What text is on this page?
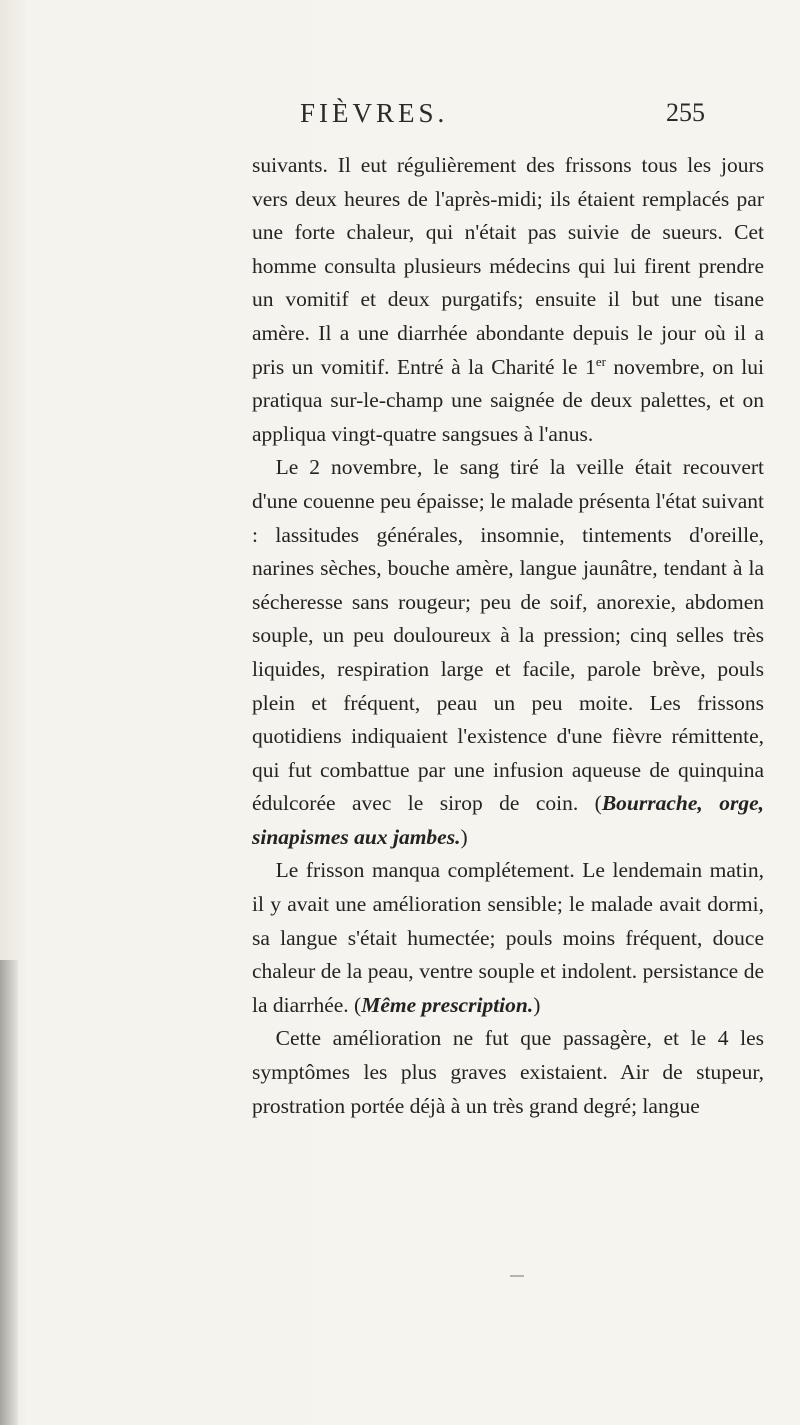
FIÈVRES.	255

suivants. Il eut régulièrement des frissons tous les jours vers deux heures de l'après-midi; ils étaient remplacés par une forte chaleur, qui n'était pas suivie de sueurs. Cet homme consulta plusieurs médecins qui lui firent prendre un vomitif et deux purgatifs; ensuite il but une tisane amère. Il a une diarrhée abondante depuis le jour où il a pris un vomitif. Entré à la Charité le 1er novembre, on lui pratiqua sur-le-champ une saignée de deux palettes, et on appliqua vingt-quatre sangsues à l'anus.

Le 2 novembre, le sang tiré la veille était recouvert d'une couenne peu épaisse; le malade présenta l'état suivant : lassitudes générales, insomnie, tintements d'oreille, narines sèches, bouche amère, langue jaunâtre, tendant à la sécheresse sans rougeur; peu de soif, anorexie, abdomen souple, un peu douloureux à la pression; cinq selles très liquides, respiration large et facile, parole brève, pouls plein et fréquent, peau un peu moite. Les frissons quotidiens indiquaient l'existence d'une fièvre rémittente, qui fut combattue par une infusion aqueuse de quinquina édulcorée avec le sirop de coin. (Bourrache, orge, sinapismes aux jambes.)

Le frisson manqua complétement. Le lendemain matin, il y avait une amélioration sensible; le malade avait dormi, sa langue s'était humectée; pouls moins fréquent, douce chaleur de la peau, ventre souple et indolent. persistance de la diarrhée. (Même prescription.)

Cette amélioration ne fut que passagère, et le 4 les symptômes les plus graves existaient. Air de stupeur, prostration portée déjà à un très grand degré; langue
